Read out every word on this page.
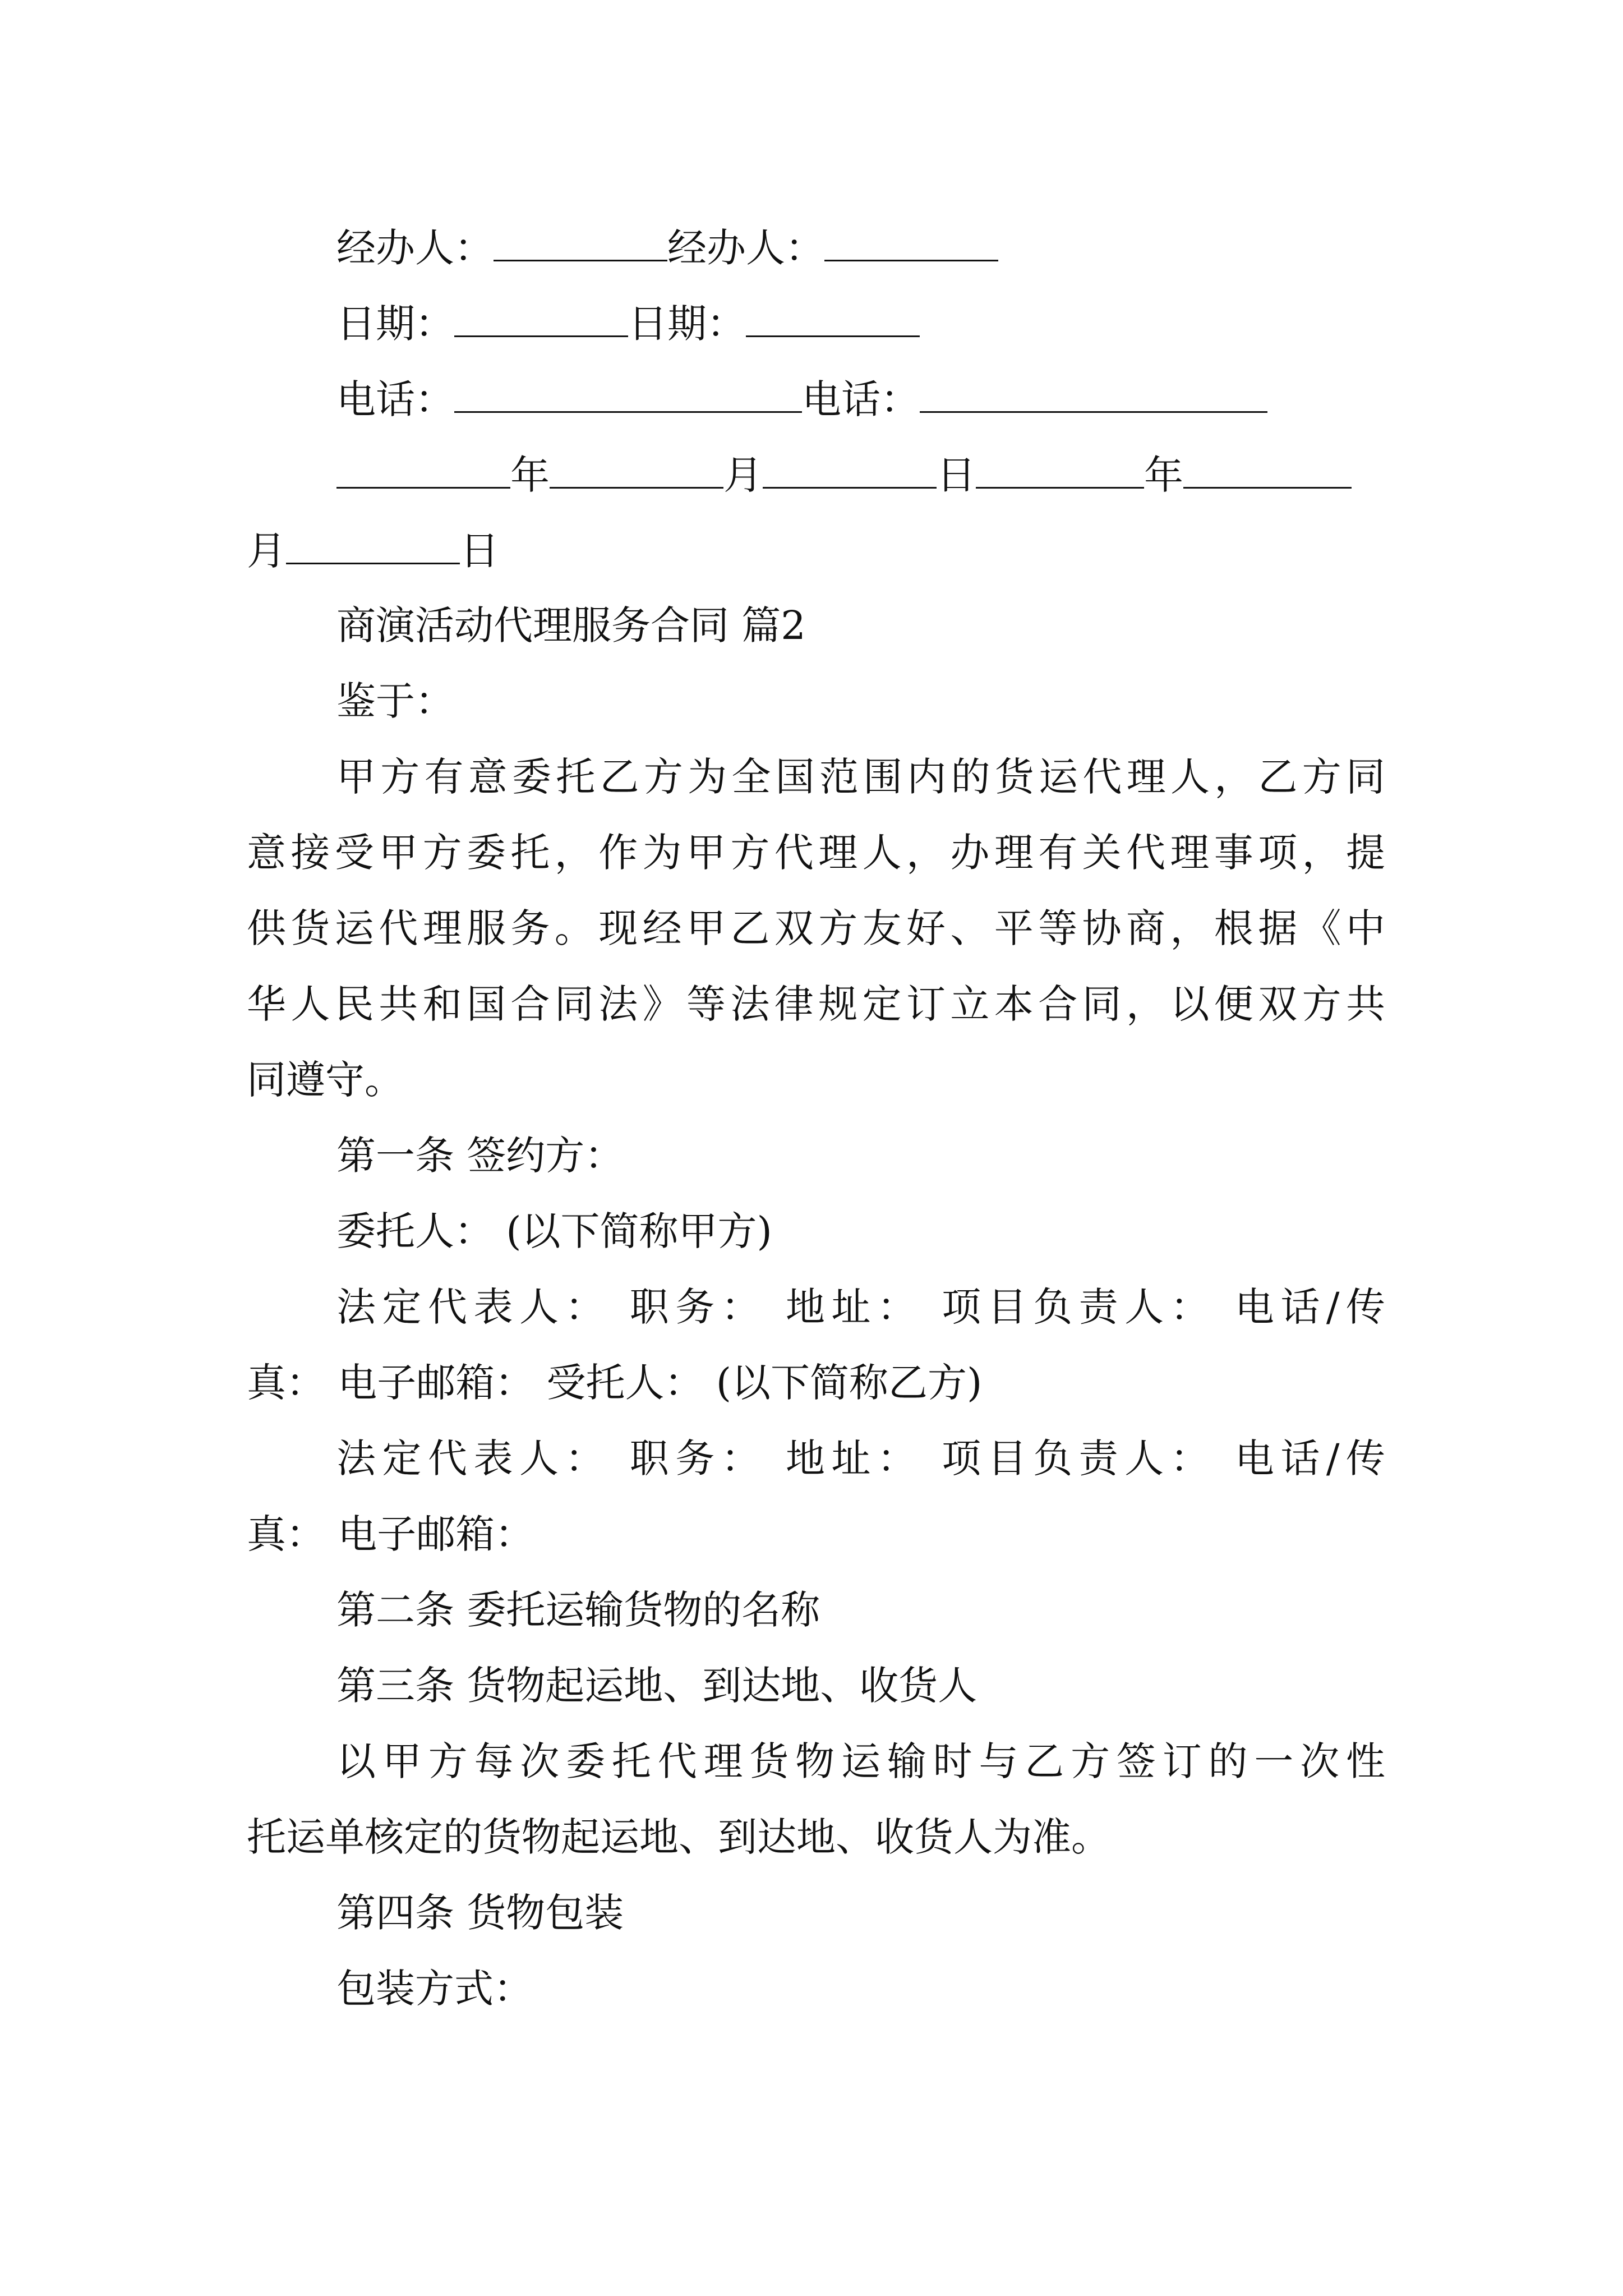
经办人：	经办人：
日期：	日期：
电话：	电话：
年	月	日	年
月	日
商演活动代理服务合同 篇2
鉴于：
甲方有意委托乙方为全国范围内的货运代理人，乙方同
意接受甲方委托，作为甲方代理人，办理有关代理事项，提
供货运代理服务。现经甲乙双方友好、平等协商，根据《中
华人民共和国合同法》等法律规定订立本合同，以便双方共
同遵守。
第一条 签约方：
委托人： (以下简称甲方)
法定代表人： 职务： 地址： 项目负责人： 电话/传
真： 电子邮箱： 受托人： (以下简称乙方)
法定代表人： 职务： 地址： 项目负责人： 电话/传
真： 电子邮箱：
第二条 委托运输货物的名称
第三条 货物起运地、到达地、收货人
以甲方每次委托代理货物运输时与乙方签订的一次性
托运单核定的货物起运地、到达地、收货人为准。
第四条 货物包装
包装方式：
